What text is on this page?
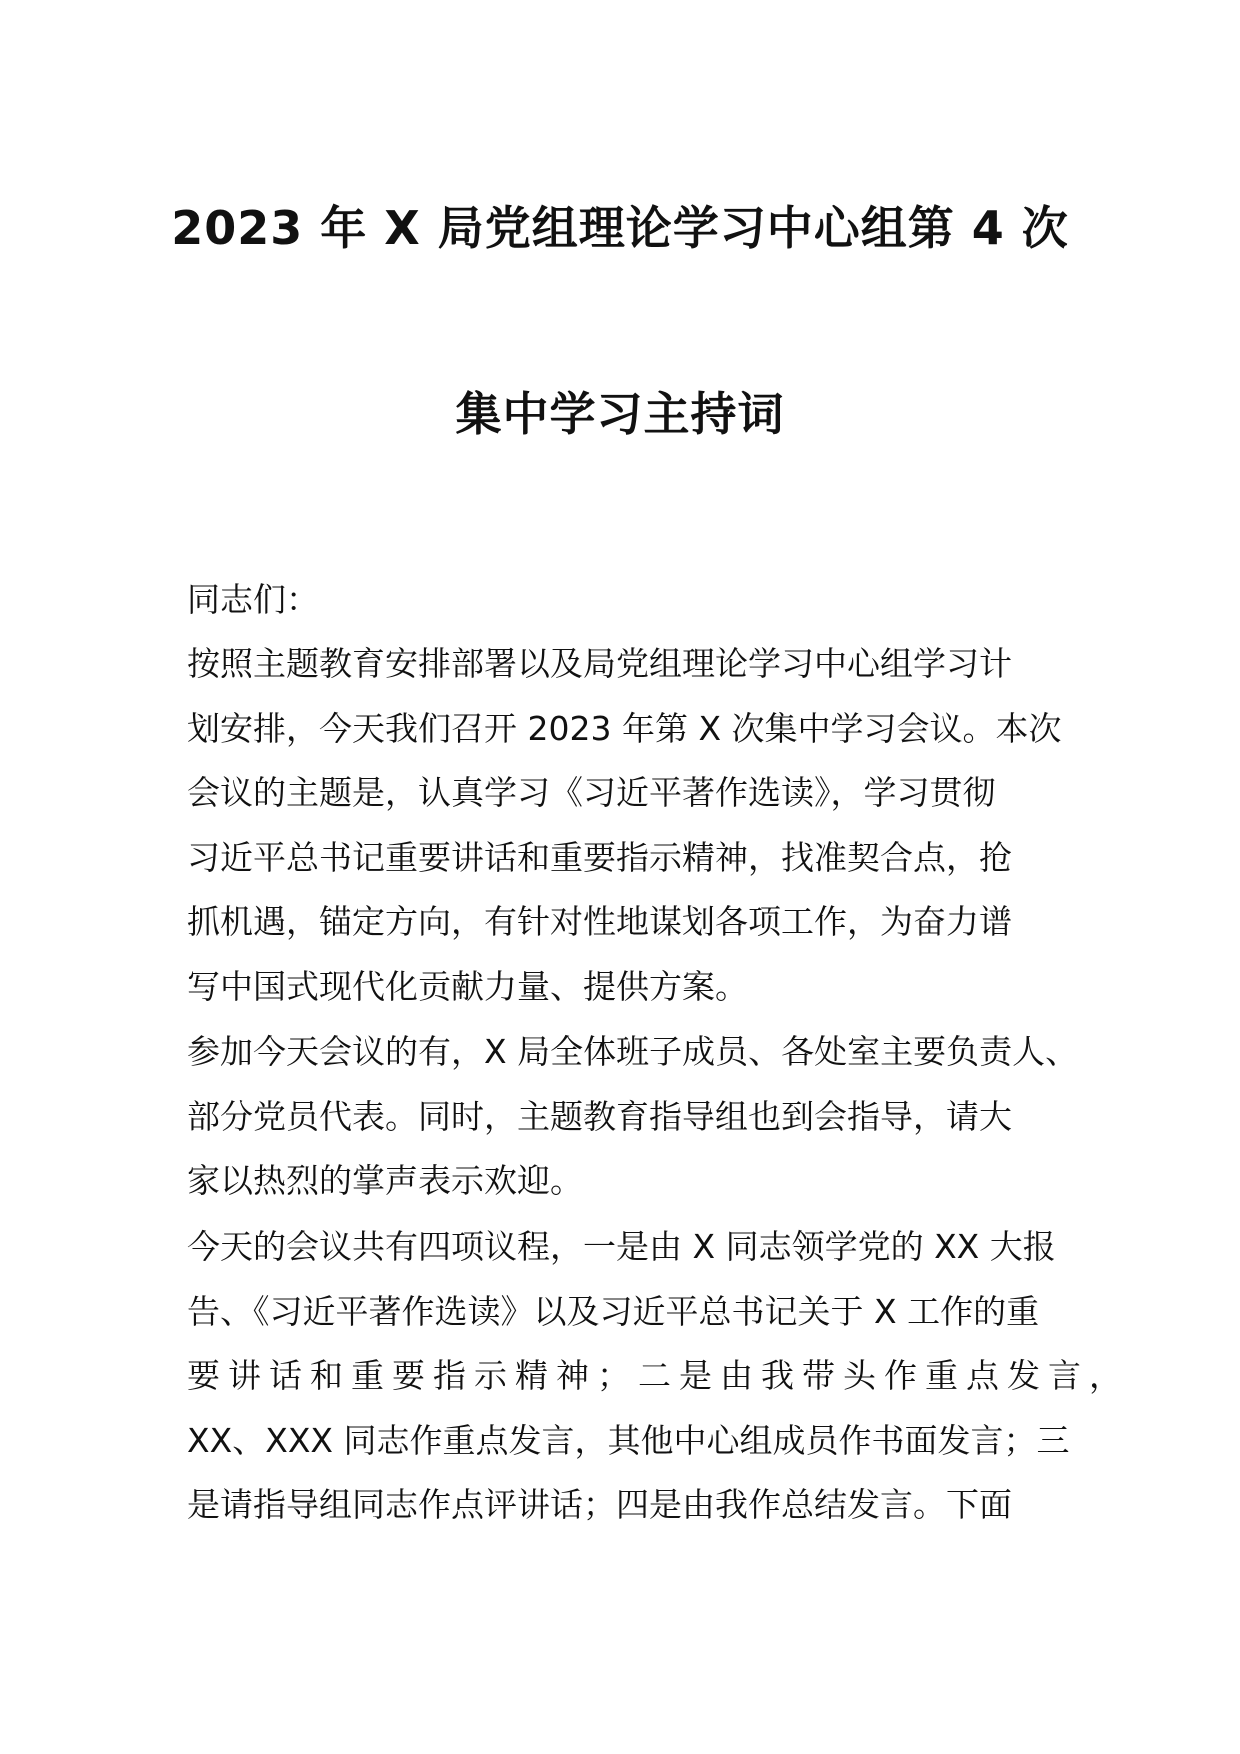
2023 年 X 局党组理论学习中心组第 4 次
集中学习主持词
同志们：
按照主题教育安排部署以及局党组理论学习中心组学习计
划安排，今天我们召开 2023 年第 X 次集中学习会议。本次
会议的主题是，认真学习《习近平著作选读》，学习贯彻
习近平总书记重要讲话和重要指示精神，找准契合点，抢
抓机遇，锚定方向，有针对性地谋划各项工作，为奋力谱
写中国式现代化贡献力量、提供方案。
参加今天会议的有，X 局全体班子成员、各处室主要负责人、
部分党员代表。同时，主题教育指导组也到会指导，请大
家以热烈的掌声表示欢迎。
今天的会议共有四项议程，一是由 X 同志领学党的 XX 大报
告、《习近平著作选读》以及习近平总书记关于 X 工作的重
要讲话和重要指示精神；二是由我带头作重点发言，
XX、XXX 同志作重点发言，其他中心组成员作书面发言；三
是请指导组同志作点评讲话；四是由我作总结发言。下面
